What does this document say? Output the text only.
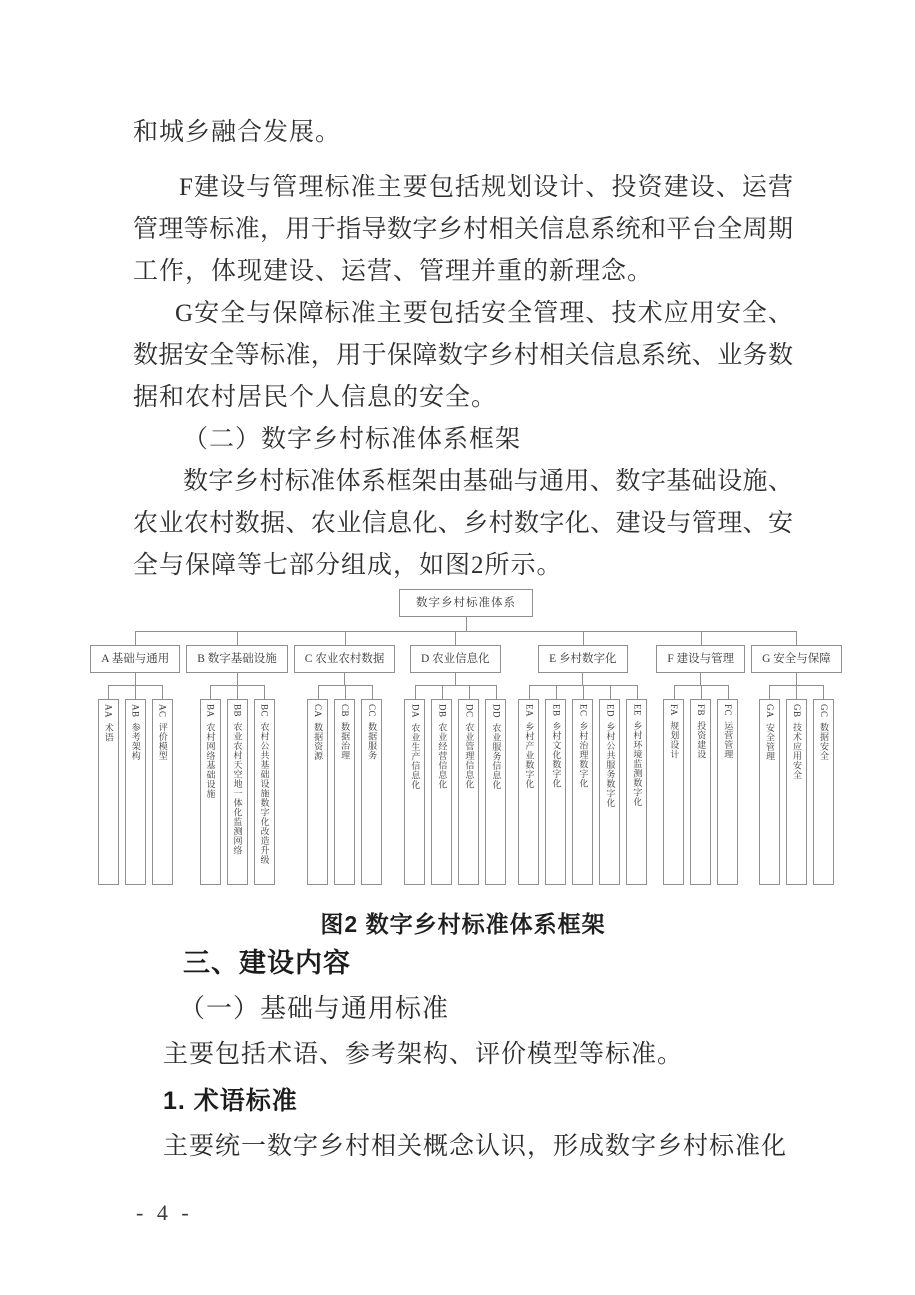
和城乡融合发展。
F建设与管理标准主要包括规划设计、投资建设、运营
管理等标准，用于指导数字乡村相关信息系统和平台全周期
工作，体现建设、运营、管理并重的新理念。
G安全与保障标准主要包括安全管理、技术应用安全、
数据安全等标准，用于保障数字乡村相关信息系统、业务数
据和农村居民个人信息的安全。
（二）数字乡村标准体系框架
数字乡村标准体系框架由基础与通用、数字基础设施、
农业农村数据、农业信息化、乡村数字化、建设与管理、安
全与保障等七部分组成，如图2所示。
数字乡村标准体系
A 基础与通用
AA术语
AB参考架构
AC评价模型
B 数字基础设施
BA农村网络基础设施
BB农业农村天空地一体化监测网络
BC农村公共基础设施数字化改造升级
C 农业农村数据
CA数据资源
CB数据治理
CC数据服务
D 农业信息化
DA农业生产信息化
DB农业经营信息化
DC农业管理信息化
DD农业服务信息化
E 乡村数字化
EA乡村产业数字化
EB乡村文化数字化
EC乡村治理数字化
ED乡村公共服务数字化
EE乡村环境监测数字化
F 建设与管理
FA规划设计
FB投资建设
FC运营管理
G 安全与保障
GA安全管理
GB技术应用安全
GC数据安全
图2 数字乡村标准体系框架
三、建设内容
（一）基础与通用标准
主要包括术语、参考架构、评价模型等标准。
1. 术语标准
主要统一数字乡村相关概念认识，形成数字乡村标准化
- 4 -
